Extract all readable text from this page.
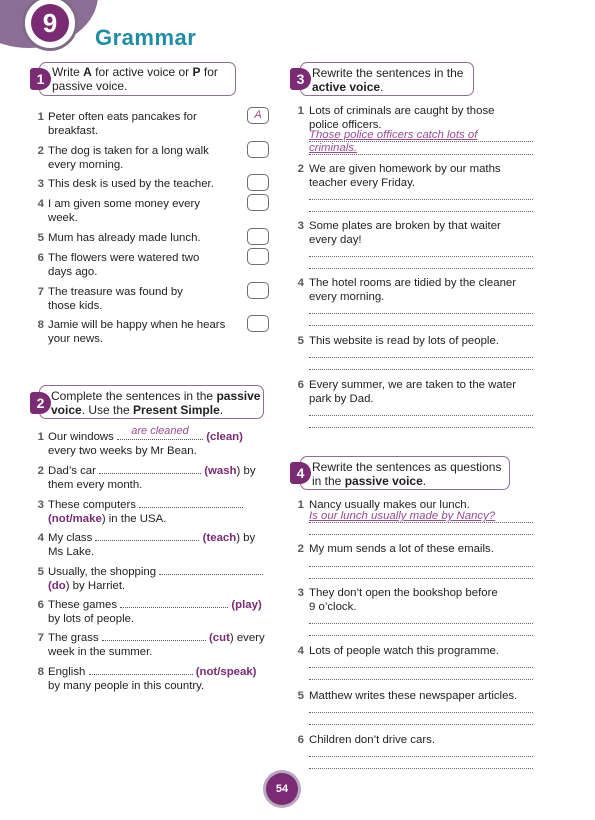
9	Grammar
1 Write A for active voice or P for passive voice.
1 Peter often eats pancakes for
breakfast.
A
2 The dog is taken for a long walk
every morning.
3 This desk is used by the teacher.
4 I am given some money every
week.
5 Mum has already made lunch.
6 The flowers were watered two
days ago.
7 The treasure was found by
those kids.
8 Jamie will be happy when he hears
your news.
2 Complete the sentences in the passive
voice. Use the Present Simple.
1 Our windows
are cleaned
(clean)
every two weeks by Mr Bean.
2 Dad’s car	(wash) by
them every month.
3 These computers

(not/make) in the USA.
4 My class	(teach) by
Ms Lake.
5 Usually, the shopping

(do) by Harriet.
6 These games	(play)
by lots of people.
7 The grass	(cut) every
week in the summer.
8 English	(not/speak)
by many people in this country.
3 Rewrite the sentences in the
active voice.
1 Lots of criminals are caught by those
police officers.
Those police officers catch lots of
criminals.
2 We are given homework by our maths
teacher every Friday.
3 Some plates are broken by that waiter
every day!
4 The hotel rooms are tidied by the cleaner
every morning.
5 This website is read by lots of people.
6 Every summer, we are taken to the water
park by Dad.
4 Rewrite the sentences as questions
in the passive voice.
1 Nancy usually makes our lunch.
Is our lunch usually made by Nancy?
2 My mum sends a lot of these emails.
3 They don’t open the bookshop before
9 o’clock.
4 Lots of people watch this programme.
5 Matthew writes these newspaper articles.
6 Children don’t drive cars.
54
